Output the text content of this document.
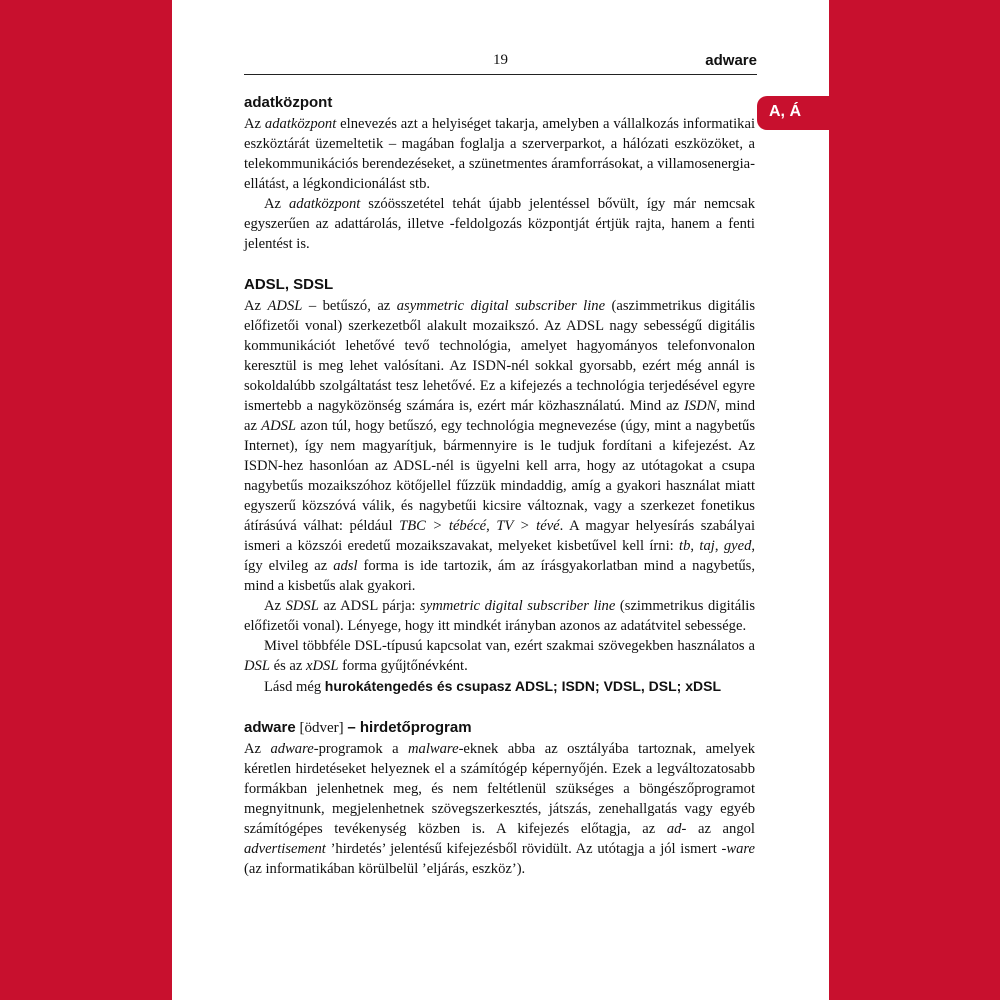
19	adware
A, Á
adatközpont

Az adatközpont elnevezés azt a helyiséget takarja, amelyben a vállalkozás informatikai eszköztárát üzemeltetik – magában foglalja a szerverparkot, a hálózati eszközöket, a telekommunikációs berendezéseket, a szünetmentes áramforrásokat, a villamosenergia-ellátást, a légkondicionálást stb.

Az adatközpont szóösszetétel tehát újabb jelentéssel bővült, így már nemcsak egyszerűen az adattárolás, illetve -feldolgozás központját értjük rajta, hanem a fenti jelentést is.

ADSL, SDSL

Az ADSL – betűszó, az asymmetric digital subscriber line (aszimmetrikus digitális előfizetői vonal) szerkezetből alakult mozaikszó. Az ADSL nagy sebességű digitális kommunikációt lehetővé tevő technológia, amelyet hagyományos telefonvonalon keresztül is meg lehet valósítani. Az ISDN-nél sokkal gyorsabb, ezért még annál is sokoldalúbb szolgáltatást tesz lehetővé. Ez a kifejezés a technológia terjedésével egyre ismertebb a nagyközönség számára is, ezért már közhasználatú. Mind az ISDN, mind az ADSL azon túl, hogy betűszó, egy technológia megnevezése (úgy, mint a nagybetűs Internet), így nem magyarítjuk, bármennyire is le tudjuk fordítani a kifejezést. Az ISDN-hez hasonlóan az ADSL-nél is ügyelni kell arra, hogy az utótagokat a csupa nagybetűs mozaikszóhoz kötőjellel fűzzük mindaddig, amíg a gyakori használat miatt egyszerű közszóvá válik, és nagybetűi kicsire változnak, vagy a szerkezet fonetikus átírásúvá válhat: például TBC > tébécé, TV > tévé. A magyar helyesírás szabályai ismeri a közszói eredetű mozaikszavakat, melyeket kisbetűvel kell írni: tb, taj, gyed, így elvileg az adsl forma is ide tartozik, ám az írásgyakorlatban mind a nagybetűs, mind a kisbetűs alak gyakori.

Az SDSL az ADSL párja: symmetric digital subscriber line (szimmetrikus digitális előfizetői vonal). Lényege, hogy itt mindkét irányban azonos az adatátvitel sebessége.

Mivel többféle DSL-típusú kapcsolat van, ezért szakmai szövegekben használatos a DSL és az xDSL forma gyűjtőnévként.

Lásd még hurokátengedés és csupasz ADSL; ISDN; VDSL, DSL; xDSL

adware [ödver] – hirdetőprogram

Az adware-programok a malware-eknek abba az osztályába tartoznak, amelyek kéretlen hirdetéseket helyeznek el a számítógép képernyőjén. Ezek a legváltozatosabb formákban jelenhetnek meg, és nem feltétlenül szükséges a böngészőprogramot megnyitnunk, megjelenhetnek szövegszerkesztés, játszás, zenehallgatás vagy egyéb számítógépes tevékenység közben is. A kifejezés előtagja, az ad- az angol advertisement ’hirdetés’ jelentésű kifejezésből rövidült. Az utótagja a jól ismert -ware (az informatikában körülbelül ’eljárás, eszköz’).
